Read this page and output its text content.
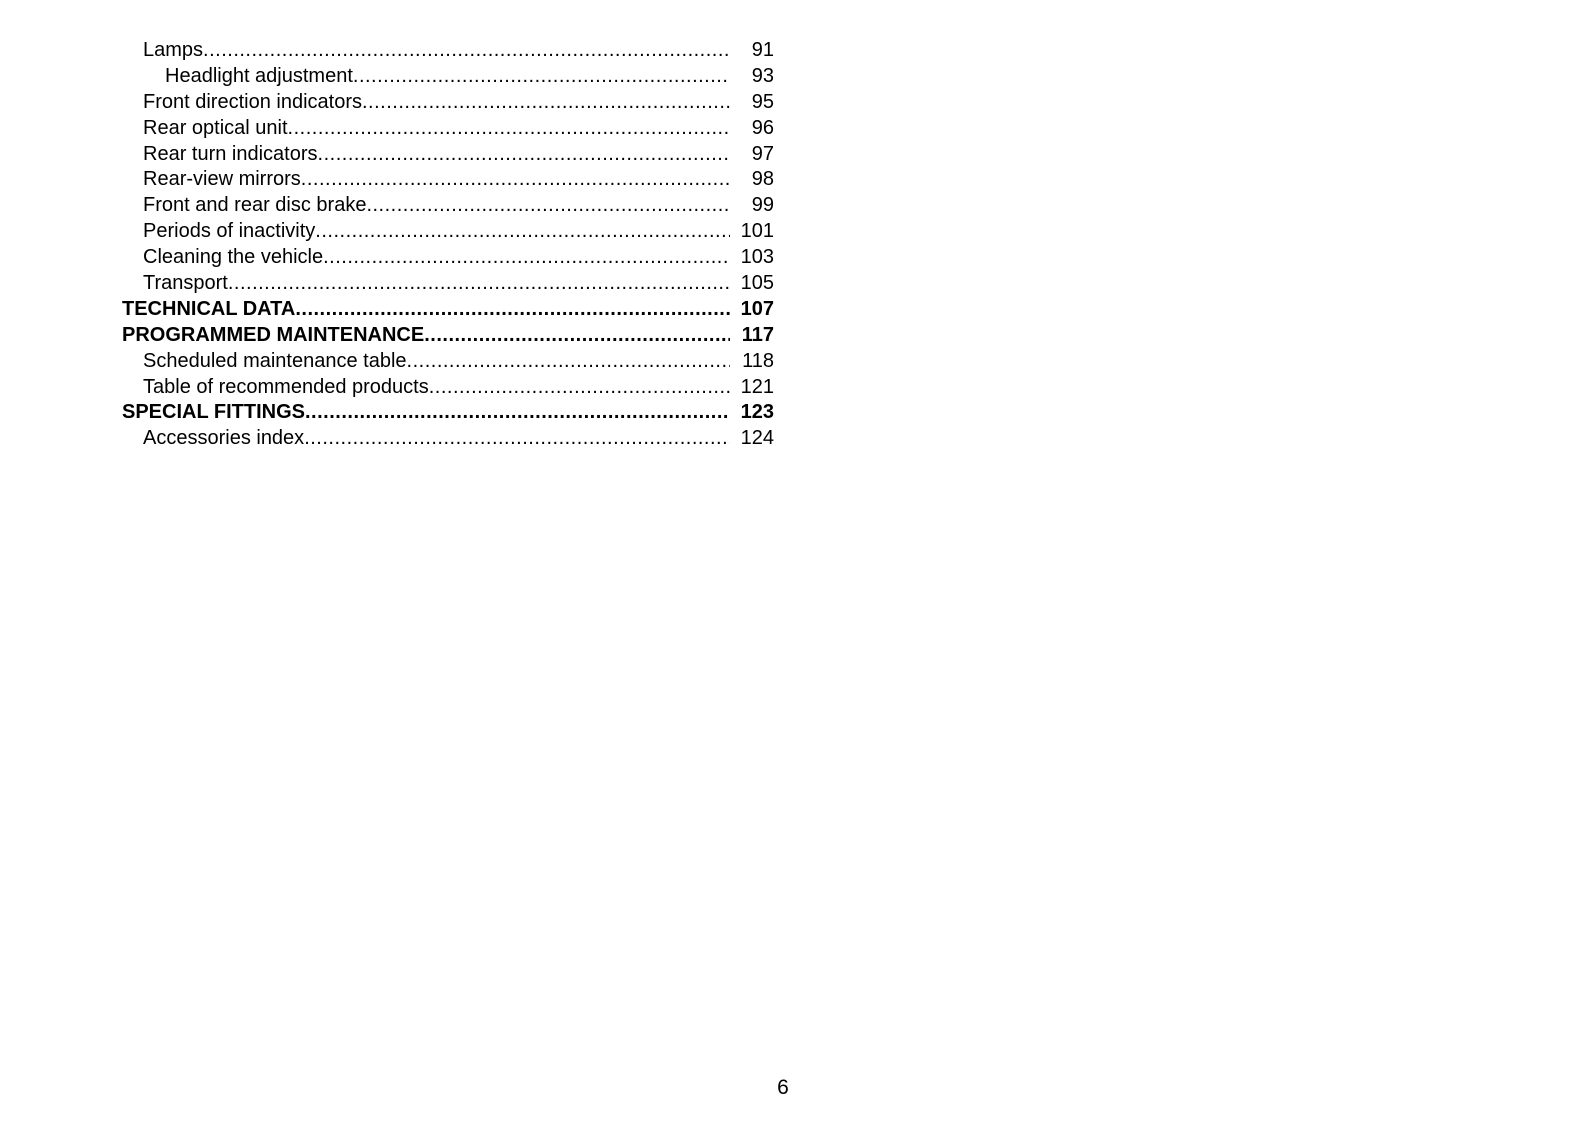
Lamps .....	91
Headlight adjustment .....	93
Front direction indicators .....	95
Rear optical unit .....	96
Rear turn indicators .....	97
Rear-view mirrors .....	98
Front and rear disc brake .....	99
Periods of inactivity .....	101
Cleaning the vehicle .....	103
Transport .....	105
TECHNICAL DATA .....	107
PROGRAMMED MAINTENANCE .....	117
Scheduled maintenance table .....	118
Table of recommended products .....	121
SPECIAL FITTINGS .....	123
Accessories index .....	124
6
